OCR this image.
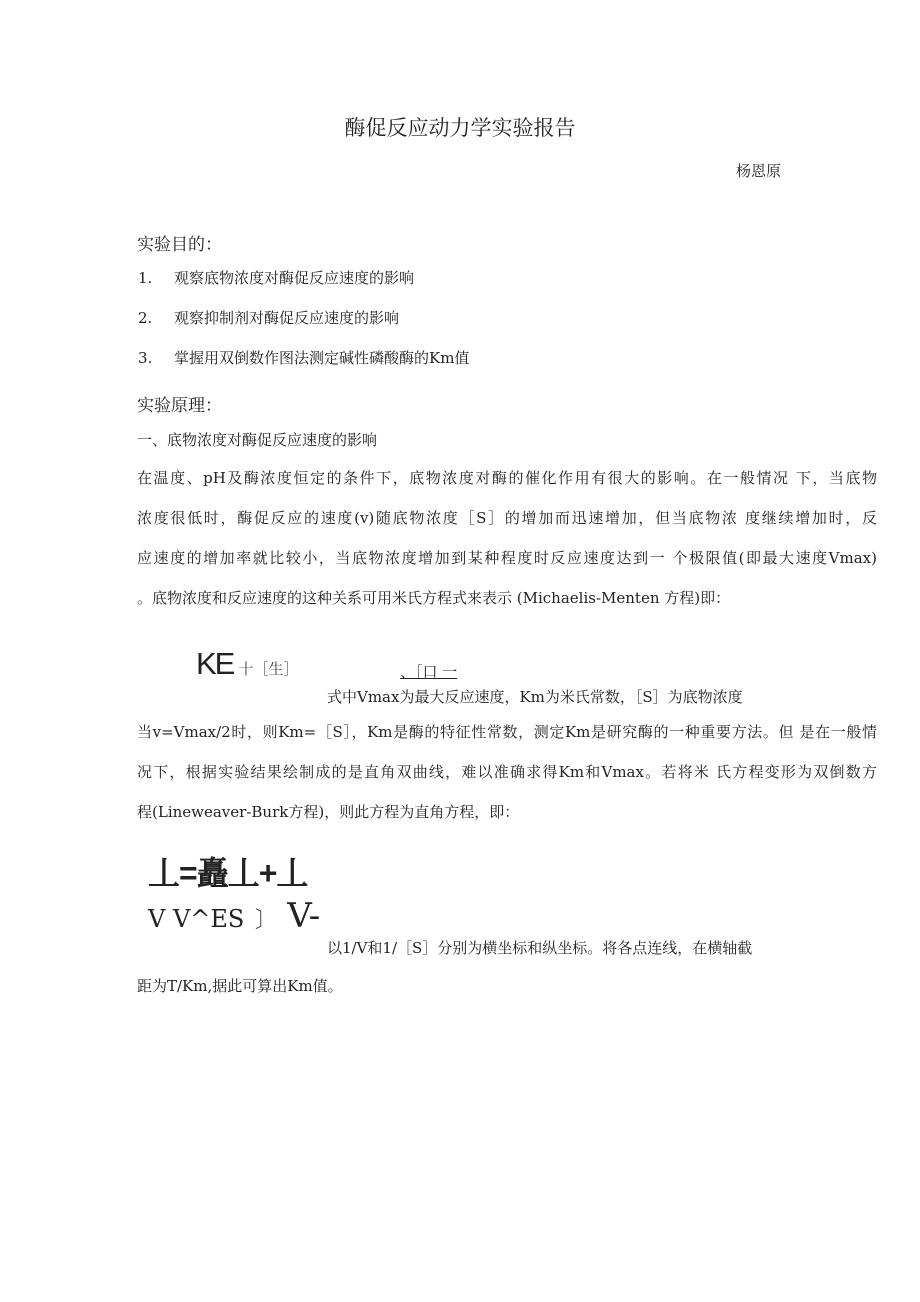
酶促反应动力学实验报告
杨恩原
实验目的：
1. 观察底物浓度对酶促反应速度的影响
2. 观察抑制剂对酶促反应速度的影响
3. 掌握用双倒数作图法测定碱性磷酸酶的Km值
实验原理：
一、底物浓度对酶促反应速度的影响
在温度、pH及酶浓度恒定的条件下，底物浓度对酶的催化作用有很大的影响。在一般情况 下，当底物
浓度很低时，酶促反应的速度(v)随底物浓度［S］的增加而迅速增加，但当底物浓 度继续增加时，反
应速度的增加率就比较小，当底物浓度增加到某种程度时反应速度达到一 个极限值(即最大速度Vmax)
。底物浓度和反应速度的这种关系可用米氏方程式来表示 (Michaelis-Menten 方程)即：
KE 十［生］	、［口 一
式中Vmax为最大反应速度，Km为米氏常数，［S］为底物浓度
当v=Vmax/2时，则Km=［S］，Km是酶的特征性常数，测定Km是研究酶的一种重要方法。但 是在一般情
况下，根据实验结果绘制成的是直角双曲线，难以准确求得Km和Vmax。若将米 氏方程变形为双倒数方
程(Lineweaver-Burk方程)，则此方程为直角方程，即：
丄=矗丄+丄
V V^ES 〕 V-
以1/V和1/［S］分别为横坐标和纵坐标。将各点连线，在横轴截
距为T/Km,据此可算出Km值。
